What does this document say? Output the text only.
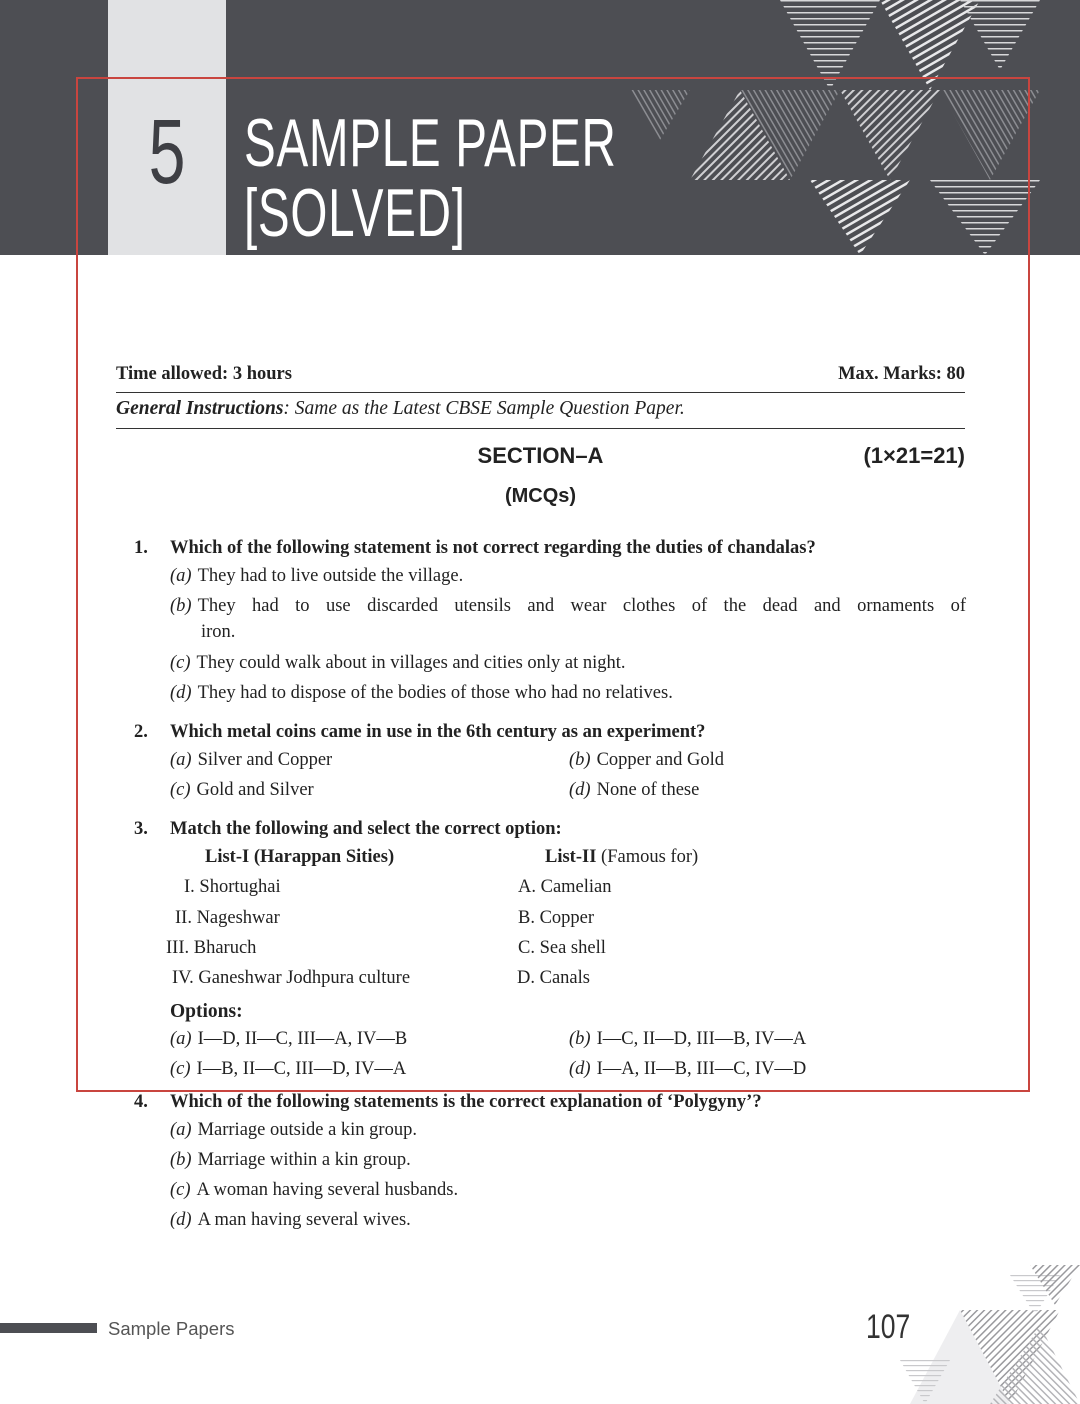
5 SAMPLE PAPER
[SOLVED]
Time allowed: 3 hours	Max. Marks: 80
General Instructions: Same as the Latest CBSE Sample Question Paper.
SECTION–A	(1×21=21)
(MCQs)
1. Which of the following statement is not correct regarding the duties of chandalas?
(a) They had to live outside the village.
(b) They had to use discarded utensils and wear clothes of the dead and ornaments of
iron.
(c) They could walk about in villages and cities only at night.
(d) They had to dispose of the bodies of those who had no relatives.
2. Which metal coins came in use in the 6th century as an experiment?
(a) Silver and Copper	(b) Copper and Gold
(c) Gold and Silver	(d) None of these
3. Match the following and select the correct option:
List-I (Harappan Sities)	List-II (Famous for)
I. Shortughai	A. Camelian
II. Nageshwar	B. Copper
III. Bharuch	C. Sea shell
IV. Ganeshwar Jodhpura culture	D. Canals
Options:
(a) I—D, II—C, III—A, IV—B	(b) I—C, II—D, III—B, IV—A
(c) I—B, II—C, III—D, IV—A	(d) I—A, II—B, III—C, IV—D
4. Which of the following statements is the correct explanation of ‘Polygyny’?
(a) Marriage outside a kin group.
(b) Marriage within a kin group.
(c) A woman having several husbands.
(d) A man having several wives.
Sample Papers	107
